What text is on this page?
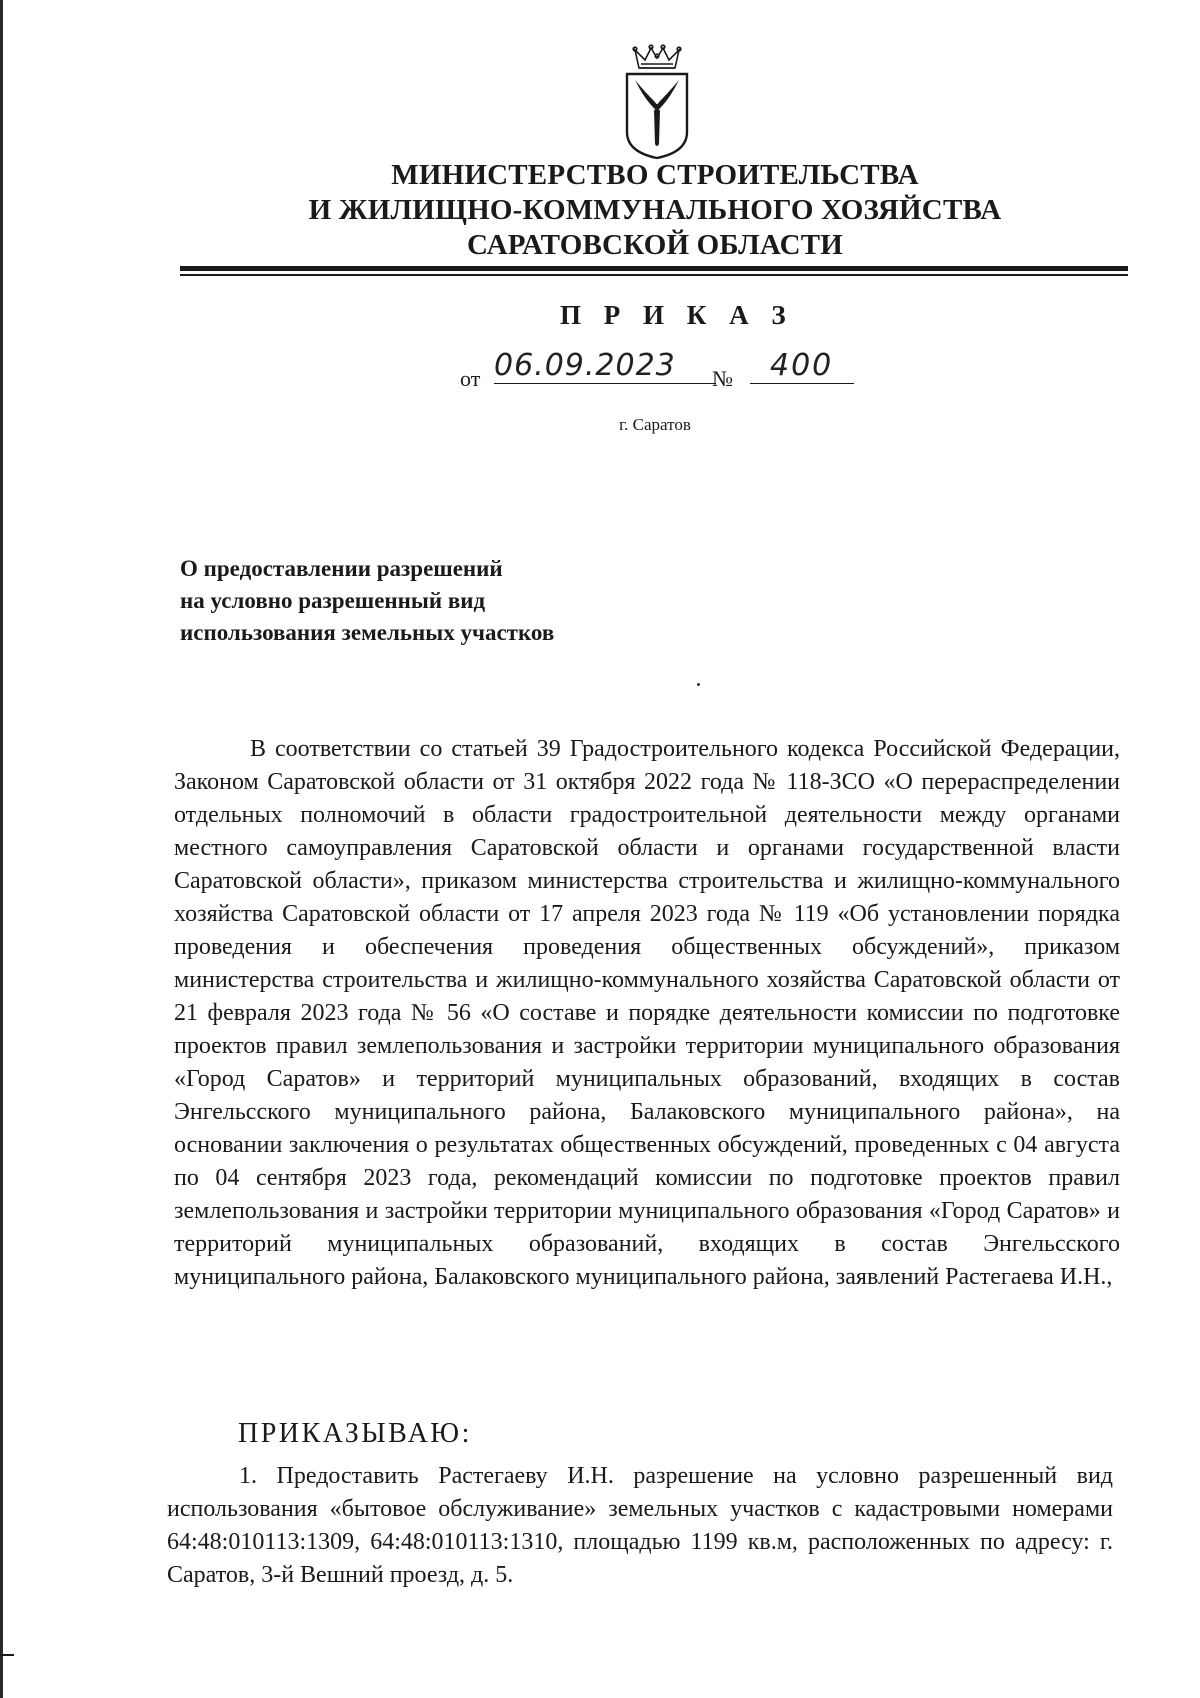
МИНИСТЕРСТВО СТРОИТЕЛЬСТВА
И ЖИЛИЩНО-КОММУНАЛЬНОГО ХОЗЯЙСТВА
САРАТОВСКОЙ ОБЛАСТИ
П Р И К А З
от 06.09.2023	№	400
г. Саратов
О предоставлении разрешений
на условно разрешенный вид
использования земельных участков

В соответствии со статьей 39 Градостроительного кодекса Российской Федерации, Законом Саратовской области от 31 октября 2022 года № 118-ЗСО «О перераспределении отдельных полномочий в области градостроительной деятельности между органами местного самоуправления Саратовской области и органами государственной власти Саратовской области», приказом министерства строительства и жилищно-коммунального хозяйства Саратовской области от 17 апреля 2023 года № 119 «Об установлении порядка проведения и обеспечения проведения общественных обсуждений», приказом министерства строительства и жилищно-коммунального хозяйства Саратовской области от 21 февраля 2023 года № 56 «О составе и порядке деятельности комиссии по подготовке проектов правил землепользования и застройки территории муниципального образования «Город Саратов» и территорий муниципальных образований, входящих в состав Энгельсского муниципального района, Балаковского муниципального района», на основании заключения о результатах общественных обсуждений, проведенных с 04 августа по 04 сентября 2023 года, рекомендаций комиссии по подготовке проектов правил землепользования и застройки территории муниципального образования «Город Саратов» и территорий муниципальных образований, входящих в состав Энгельсского муниципального района, Балаковского муниципального района, заявлений Растегаева И.Н.,

ПРИКАЗЫВАЮ:

1. Предоставить Растегаеву И.Н. разрешение на условно разрешенный вид использования «бытовое обслуживание» земельных участков с кадастровыми номерами 64:48:010113:1309, 64:48:010113:1310, площадью 1199 кв.м, расположенных по адресу: г. Саратов, 3-й Вешний проезд, д. 5.
